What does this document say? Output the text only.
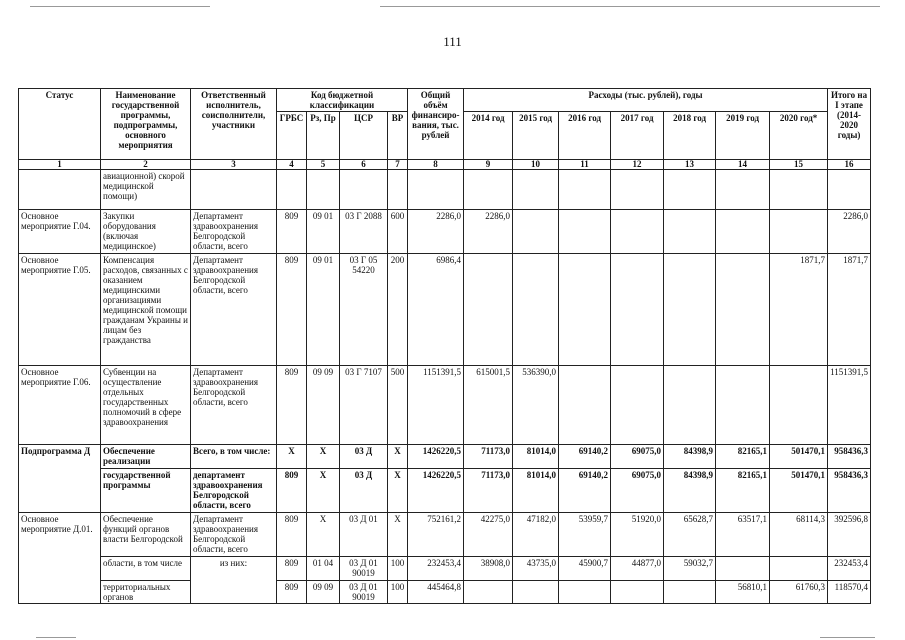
111
Статус	Наименование государственной программы, подпрограммы, основного мероприятия	Ответственный исполнитель, соисполнители, участники	Код бюджетной классификации				Общий объём финансиро-вания, тыс. рублей	Расходы (тыс. рублей), годы							Итого на I этапе (2014-2020 годы)
			ГРБС	Рз, Пр	ЦСР	ВР		2014 год	2015 год	2016 год	2017 год	2018 год	2019 год	2020 год*	
1	2	3	4	5	6	7	8	9	10	11	12	13	14	15	16
	авиационной) скорой медицинской помощи)														
Основное мероприятие Г.04.	Закупки оборудования (включая медицинское)	Департамент здравоохранения Белгородской области, всего	809	09 01	03 Г 2088	600	2286,0	2286,0							2286,0
Основное мероприятие Г.05.	Компенсация расходов, связанных с оказанием медицинскими организациями медицинской помощи гражданам Украины и лицам без гражданства	Департамент здравоохранения Белгородской области, всего	809	09 01	03 Г 05 54220	200	6986,4							1871,7	1871,7
Основное мероприятие Г.06.	Субвенции на осуществление отдельных государственных полномочий в сфере здравоохранения	Департамент здравоохранения Белгородской области, всего	809	09 09	03 Г 7107	500	1151391,5	615001,5	536390,0						1151391,5
Подпрограмма Д	Обеспечение реализации	Всего, в том числе:	Х	Х	03 Д	Х	1426220,5	71173,0	81014,0	69140,2	69075,0	84398,9	82165,1	501470,1	958436,3
	государственной программы	департамент здравоохранения Белгородской области, всего	809	Х	03 Д	Х	1426220,5	71173,0	81014,0	69140,2	69075,0	84398,9	82165,1	501470,1	958436,3
Основное мероприятие Д.01.	Обеспечение функций органов власти Белгородской	Департамент здравоохранения Белгородской области, всего	809	Х	03 Д 01	Х	752161,2	42275,0	47182,0	53959,7	51920,0	65628,7	63517,1	68114,3	392596,8
	области, в том числе	из них:	809	01 04	03 Д 01 90019	100	232453,4	38908,0	43735,0	45900,7	44877,0	59032,7			232453,4
	территориальных органов		809	09 09	03 Д 01 90019	100	445464,8						56810,1	61760,3	118570,4
